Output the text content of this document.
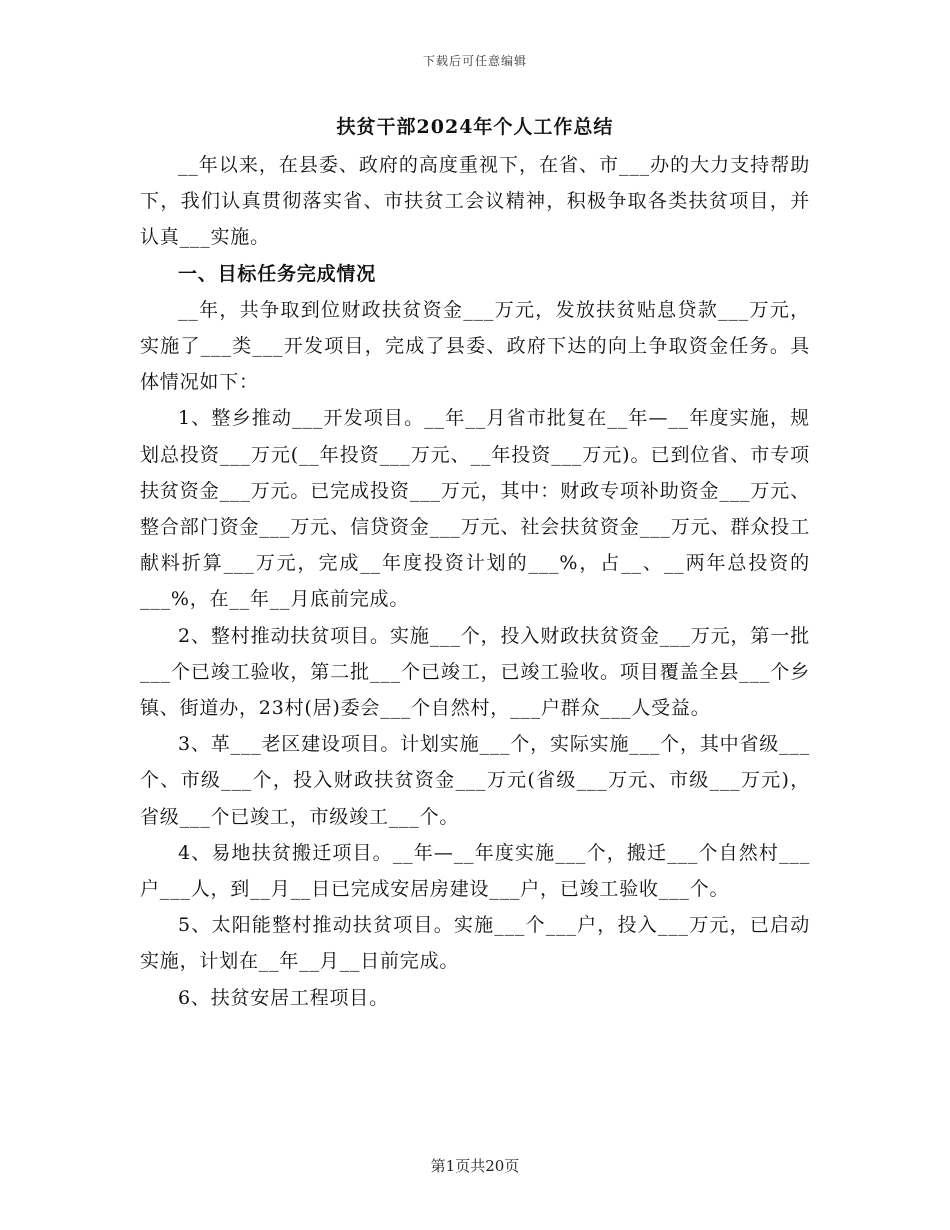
下载后可任意编辑
扶贫干部2024年个人工作总结

__年以来，在县委、政府的高度重视下，在省、市___办的大力支持帮助下，我们认真贯彻落实省、市扶贫工会议精神，积极争取各类扶贫项目，并认真___实施。

一、目标任务完成情况

__年，共争取到位财政扶贫资金___万元，发放扶贫贴息贷款___万元，实施了___类___开发项目，完成了县委、政府下达的向上争取资金任务。具体情况如下：

1、整乡推动___开发项目。__年__月省市批复在__年—__年度实施，规划总投资___万元(__年投资___万元、__年投资___万元)。已到位省、市专项扶贫资金___万元。已完成投资___万元，其中：财政专项补助资金___万元、整合部门资金___万元、信贷资金___万元、社会扶贫资金___万元、群众投工献料折算___万元，完成__年度投资计划的___%，占__、__两年总投资的___%，在__年__月底前完成。

2、整村推动扶贫项目。实施___个，投入财政扶贫资金___万元，第一批___个已竣工验收，第二批___个已竣工，已竣工验收。项目覆盖全县___个乡镇、街道办，23村(居)委会___个自然村，___户群众___人受益。

3、革___老区建设项目。计划实施___个，实际实施___个，其中省级___个、市级___个，投入财政扶贫资金___万元(省级___万元、市级___万元)，省级___个已竣工，市级竣工___个。

4、易地扶贫搬迁项目。__年—__年度实施___个，搬迁___个自然村___户___人，到__月__日已完成安居房建设___户，已竣工验收___个。

5、太阳能整村推动扶贫项目。实施___个___户，投入___万元，已启动实施，计划在__年__月__日前完成。

6、扶贫安居工程项目。

第1页共20页
